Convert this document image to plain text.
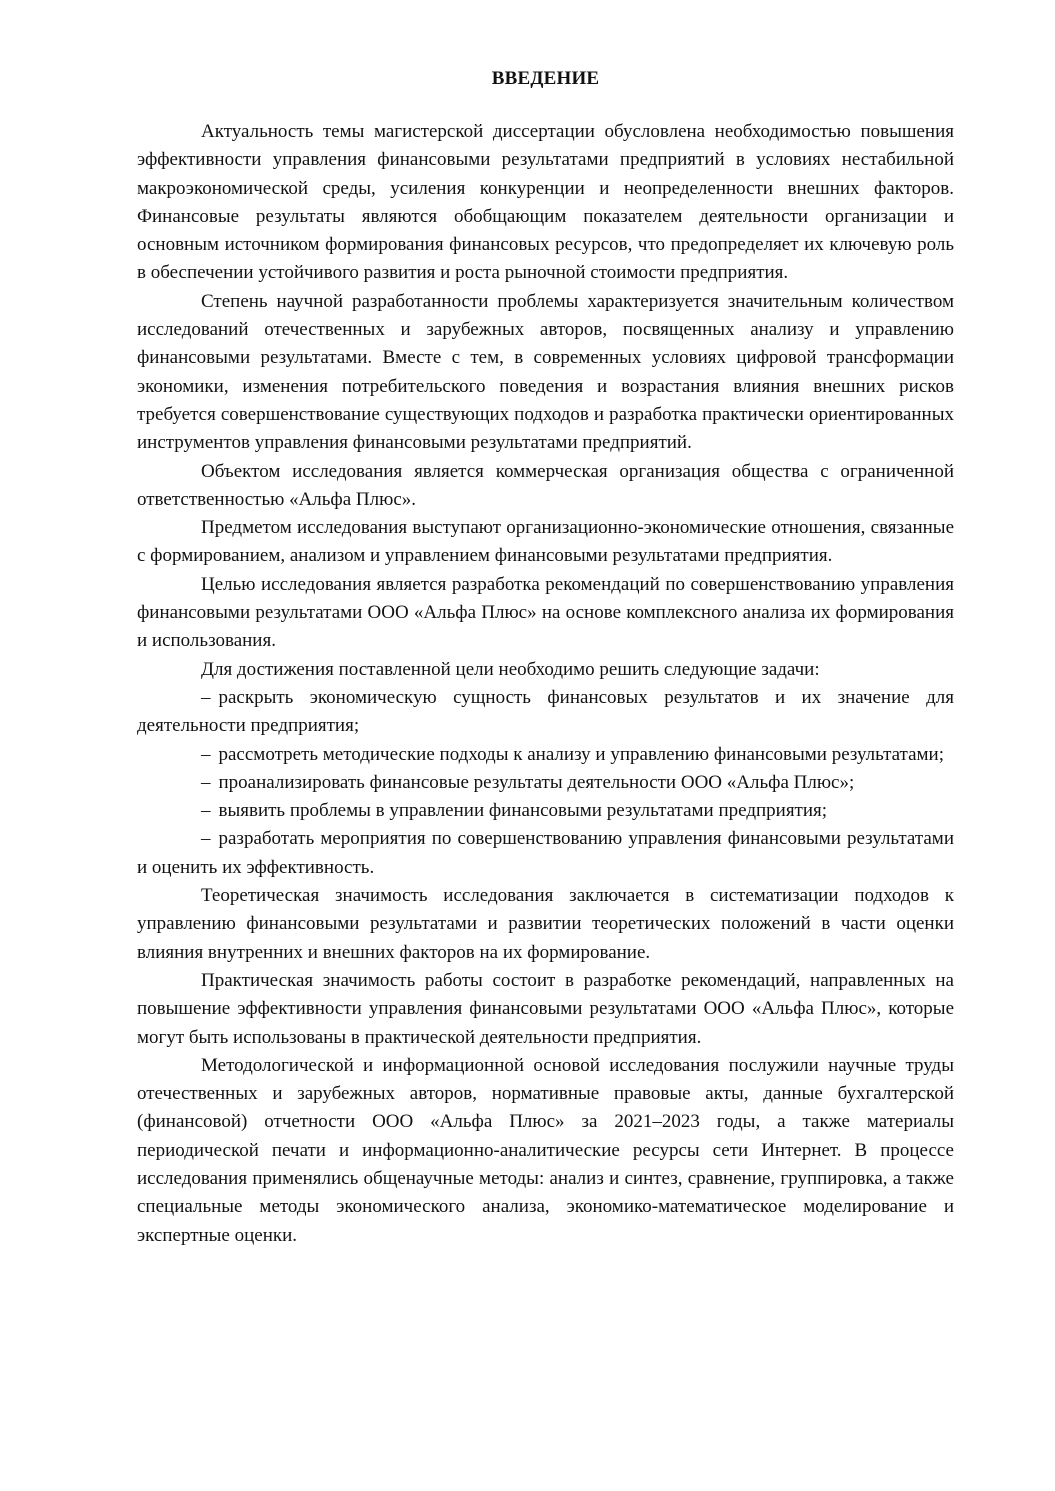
ВВЕДЕНИЕ

Актуальность темы магистерской диссертации обусловлена необходимостью повышения эффективности управления финансовыми результатами предприятий в условиях нестабильной макроэкономической среды, усиления конкуренции и неопределенности внешних факторов. Финансовые результаты являются обобщающим показателем деятельности организации и основным источником формирования финансовых ресурсов, что предопределяет их ключевую роль в обеспечении устойчивого развития и роста рыночной стоимости предприятия.

Степень научной разработанности проблемы характеризуется значительным количеством исследований отечественных и зарубежных авторов, посвященных анализу и управлению финансовыми результатами. Вместе с тем, в современных условиях цифровой трансформации экономики, изменения потребительского поведения и возрастания влияния внешних рисков требуется совершенствование существующих подходов и разработка практически ориентированных инструментов управления финансовыми результатами предприятий.

Объектом исследования является коммерческая организация общества с ограниченной ответственностью «Альфа Плюс».

Предметом исследования выступают организационно-экономические отношения, связанные с формированием, анализом и управлением финансовыми результатами предприятия.

Целью исследования является разработка рекомендаций по совершенствованию управления финансовыми результатами ООО «Альфа Плюс» на основе комплексного анализа их формирования и использования.

Для достижения поставленной цели необходимо решить следующие задачи:

– раскрыть экономическую сущность финансовых результатов и их значение для деятельности предприятия;

– рассмотреть методические подходы к анализу и управлению финансовыми результатами;

– проанализировать финансовые результаты деятельности ООО «Альфа Плюс»;

– выявить проблемы в управлении финансовыми результатами предприятия;

– разработать мероприятия по совершенствованию управления финансовыми результатами и оценить их эффективность.

Теоретическая значимость исследования заключается в систематизации подходов к управлению финансовыми результатами и развитии теоретических положений в части оценки влияния внутренних и внешних факторов на их формирование.

Практическая значимость работы состоит в разработке рекомендаций, направленных на повышение эффективности управления финансовыми результатами ООО «Альфа Плюс», которые могут быть использованы в практической деятельности предприятия.

Методологической и информационной основой исследования послужили научные труды отечественных и зарубежных авторов, нормативные правовые акты, данные бухгалтерской (финансовой) отчетности ООО «Альфа Плюс» за 2021–2023 годы, а также материалы периодической печати и информационно-аналитические ресурсы сети Интернет. В процессе исследования применялись общенаучные методы: анализ и синтез, сравнение, группировка, а также специальные методы экономического анализа, экономико-математическое моделирование и экспертные оценки.
